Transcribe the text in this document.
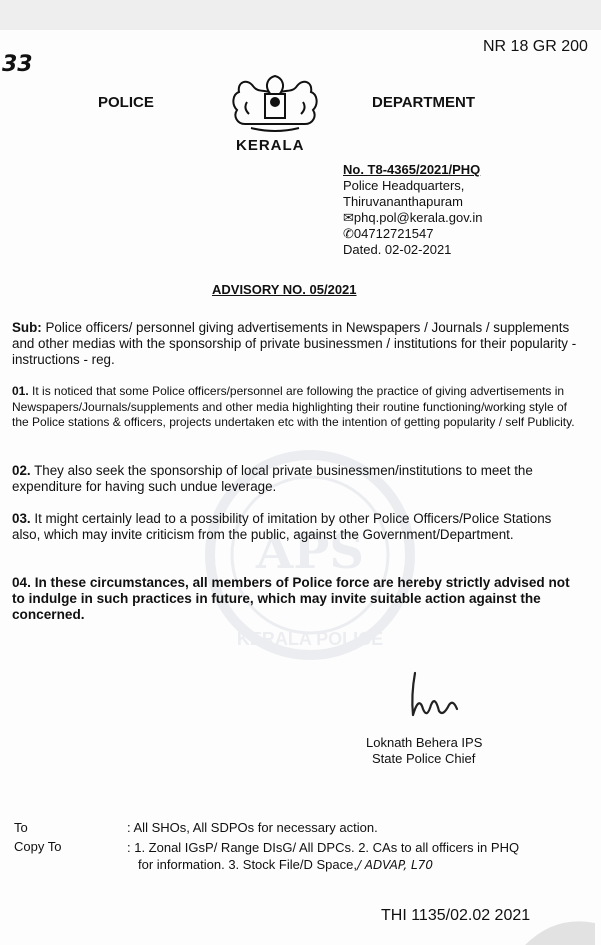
33
NR 18 GR 200
POLICE	DEPARTMENT
KERALA
No. T8-4365/2021/PHQ
Police Headquarters,
Thiruvananthapuram
✉phq.pol@kerala.gov.in
✆04712721547
Dated. 02-02-2021
ADVISORY NO. 05/2021
APS
KERALA POLICE
Sub: Police officers/ personnel giving advertisements in Newspapers / Journals / supplements and other medias with the sponsorship of private businessmen / institutions for their popularity - instructions - reg.
01. It is noticed that some Police officers/personnel are following the practice of giving advertisements in Newspapers/Journals/supplements and other media highlighting their routine functioning/working style of the Police stations & officers, projects undertaken etc with the intention of getting popularity / self Publicity.
02. They also seek the sponsorship of local private businessmen/institutions to meet the expenditure for having such undue leverage.
03. It might certainly lead to a possibility of imitation by other Police Officers/Police Stations also, which may invite criticism from the public, against the Government/Department.
04. In these circumstances, all members of Police force are hereby strictly advised not to indulge in such practices in future, which may invite suitable action against the concerned.
Loknath Behera IPS
State Police Chief
To	: All SHOs, All SDPOs for necessary action.
Copy To	: 1. Zonal IGsP/ Range DIsG/ All DPCs. 2. CAs to all officers in PHQ
for information. 3. Stock File/D Space,/ ADVAP, L70
THI 1135/02.02 2021
